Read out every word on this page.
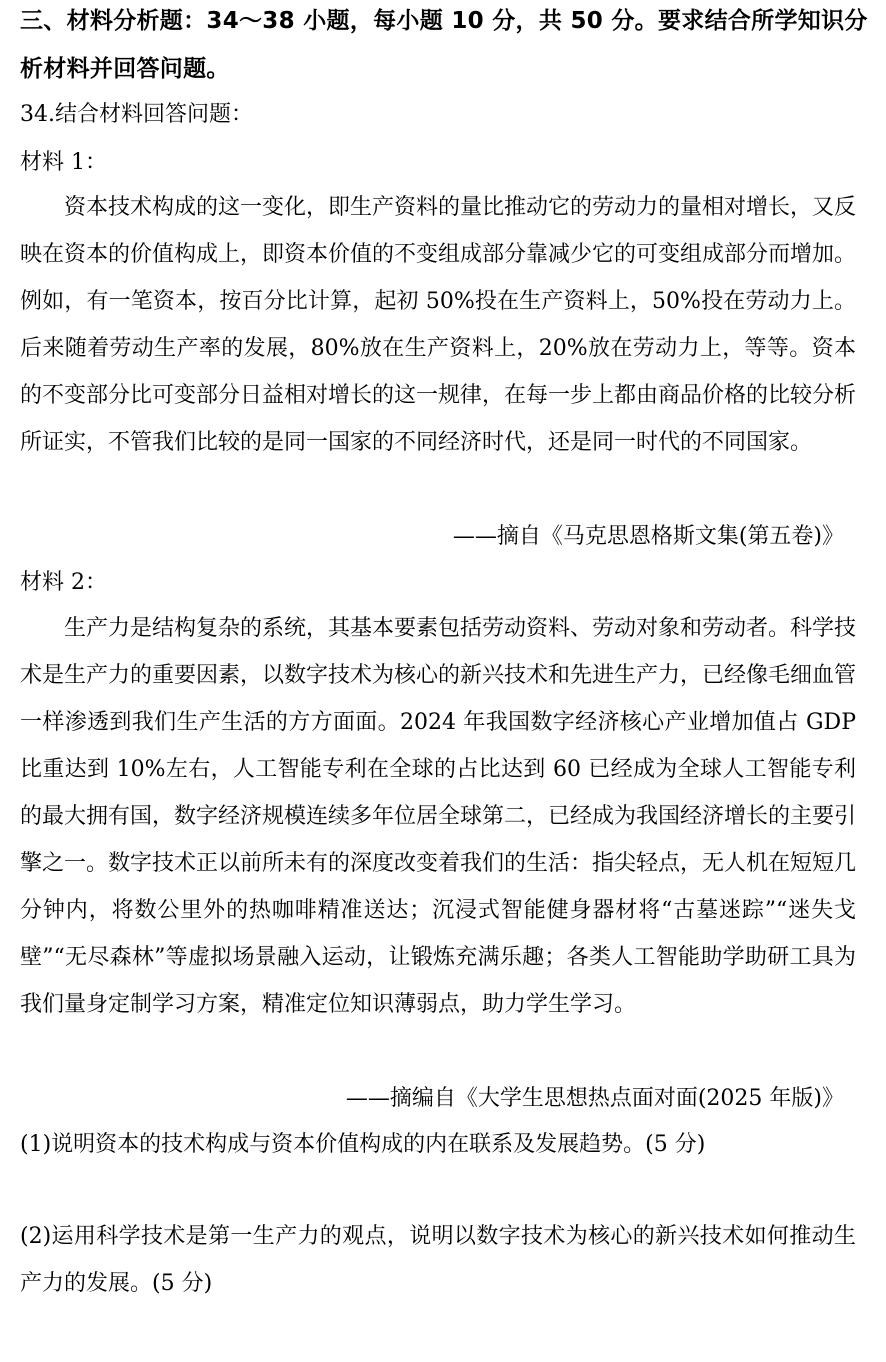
三、材料分析题：34～38 小题，每小题 10 分，共 50 分。要求结合所学知识分
析材料并回答问题。
34.结合材料回答问题：
材料 1：

资本技术构成的这一变化，即生产资料的量比推动它的劳动力的量相对增长，又反映在资本的价值构成上，即资本价值的不变组成部分靠减少它的可变组成部分而增加。例如，有一笔资本，按百分比计算，起初 50%投在生产资料上，50%投在劳动力上。后来随着劳动生产率的发展，80%放在生产资料上，20%放在劳动力上，等等。资本的不变部分比可变部分日益相对增长的这一规律，在每一步上都由商品价格的比较分析所证实，不管我们比较的是同一国家的不同经济时代，还是同一时代的不同国家。

——摘自《马克思恩格斯文集(第五卷)》
材料 2：

生产力是结构复杂的系统，其基本要素包括劳动资料、劳动对象和劳动者。科学技术是生产力的重要因素，以数字技术为核心的新兴技术和先进生产力，已经像毛细血管一样渗透到我们生产生活的方方面面。2024 年我国数字经济核心产业增加值占 GDP 比重达到 10%左右，人工智能专利在全球的占比达到 60 已经成为全球人工智能专利的最大拥有国，数字经济规模连续多年位居全球第二，已经成为我国经济增长的主要引擎之一。数字技术正以前所未有的深度改变着我们的生活：指尖轻点，无人机在短短几分钟内，将数公里外的热咖啡精准送达；沉浸式智能健身器材将“古墓迷踪”“迷失戈壁”“无尽森林”等虚拟场景融入运动，让锻炼充满乐趣；各类人工智能助学助研工具为我们量身定制学习方案，精准定位知识薄弱点，助力学生学习。

——摘编自《大学生思想热点面对面(2025 年版)》
(1)说明资本的技术构成与资本价值构成的内在联系及发展趋势。(5 分)

(2)运用科学技术是第一生产力的观点，说明以数字技术为核心的新兴技术如何推动生产力的发展。(5 分)
